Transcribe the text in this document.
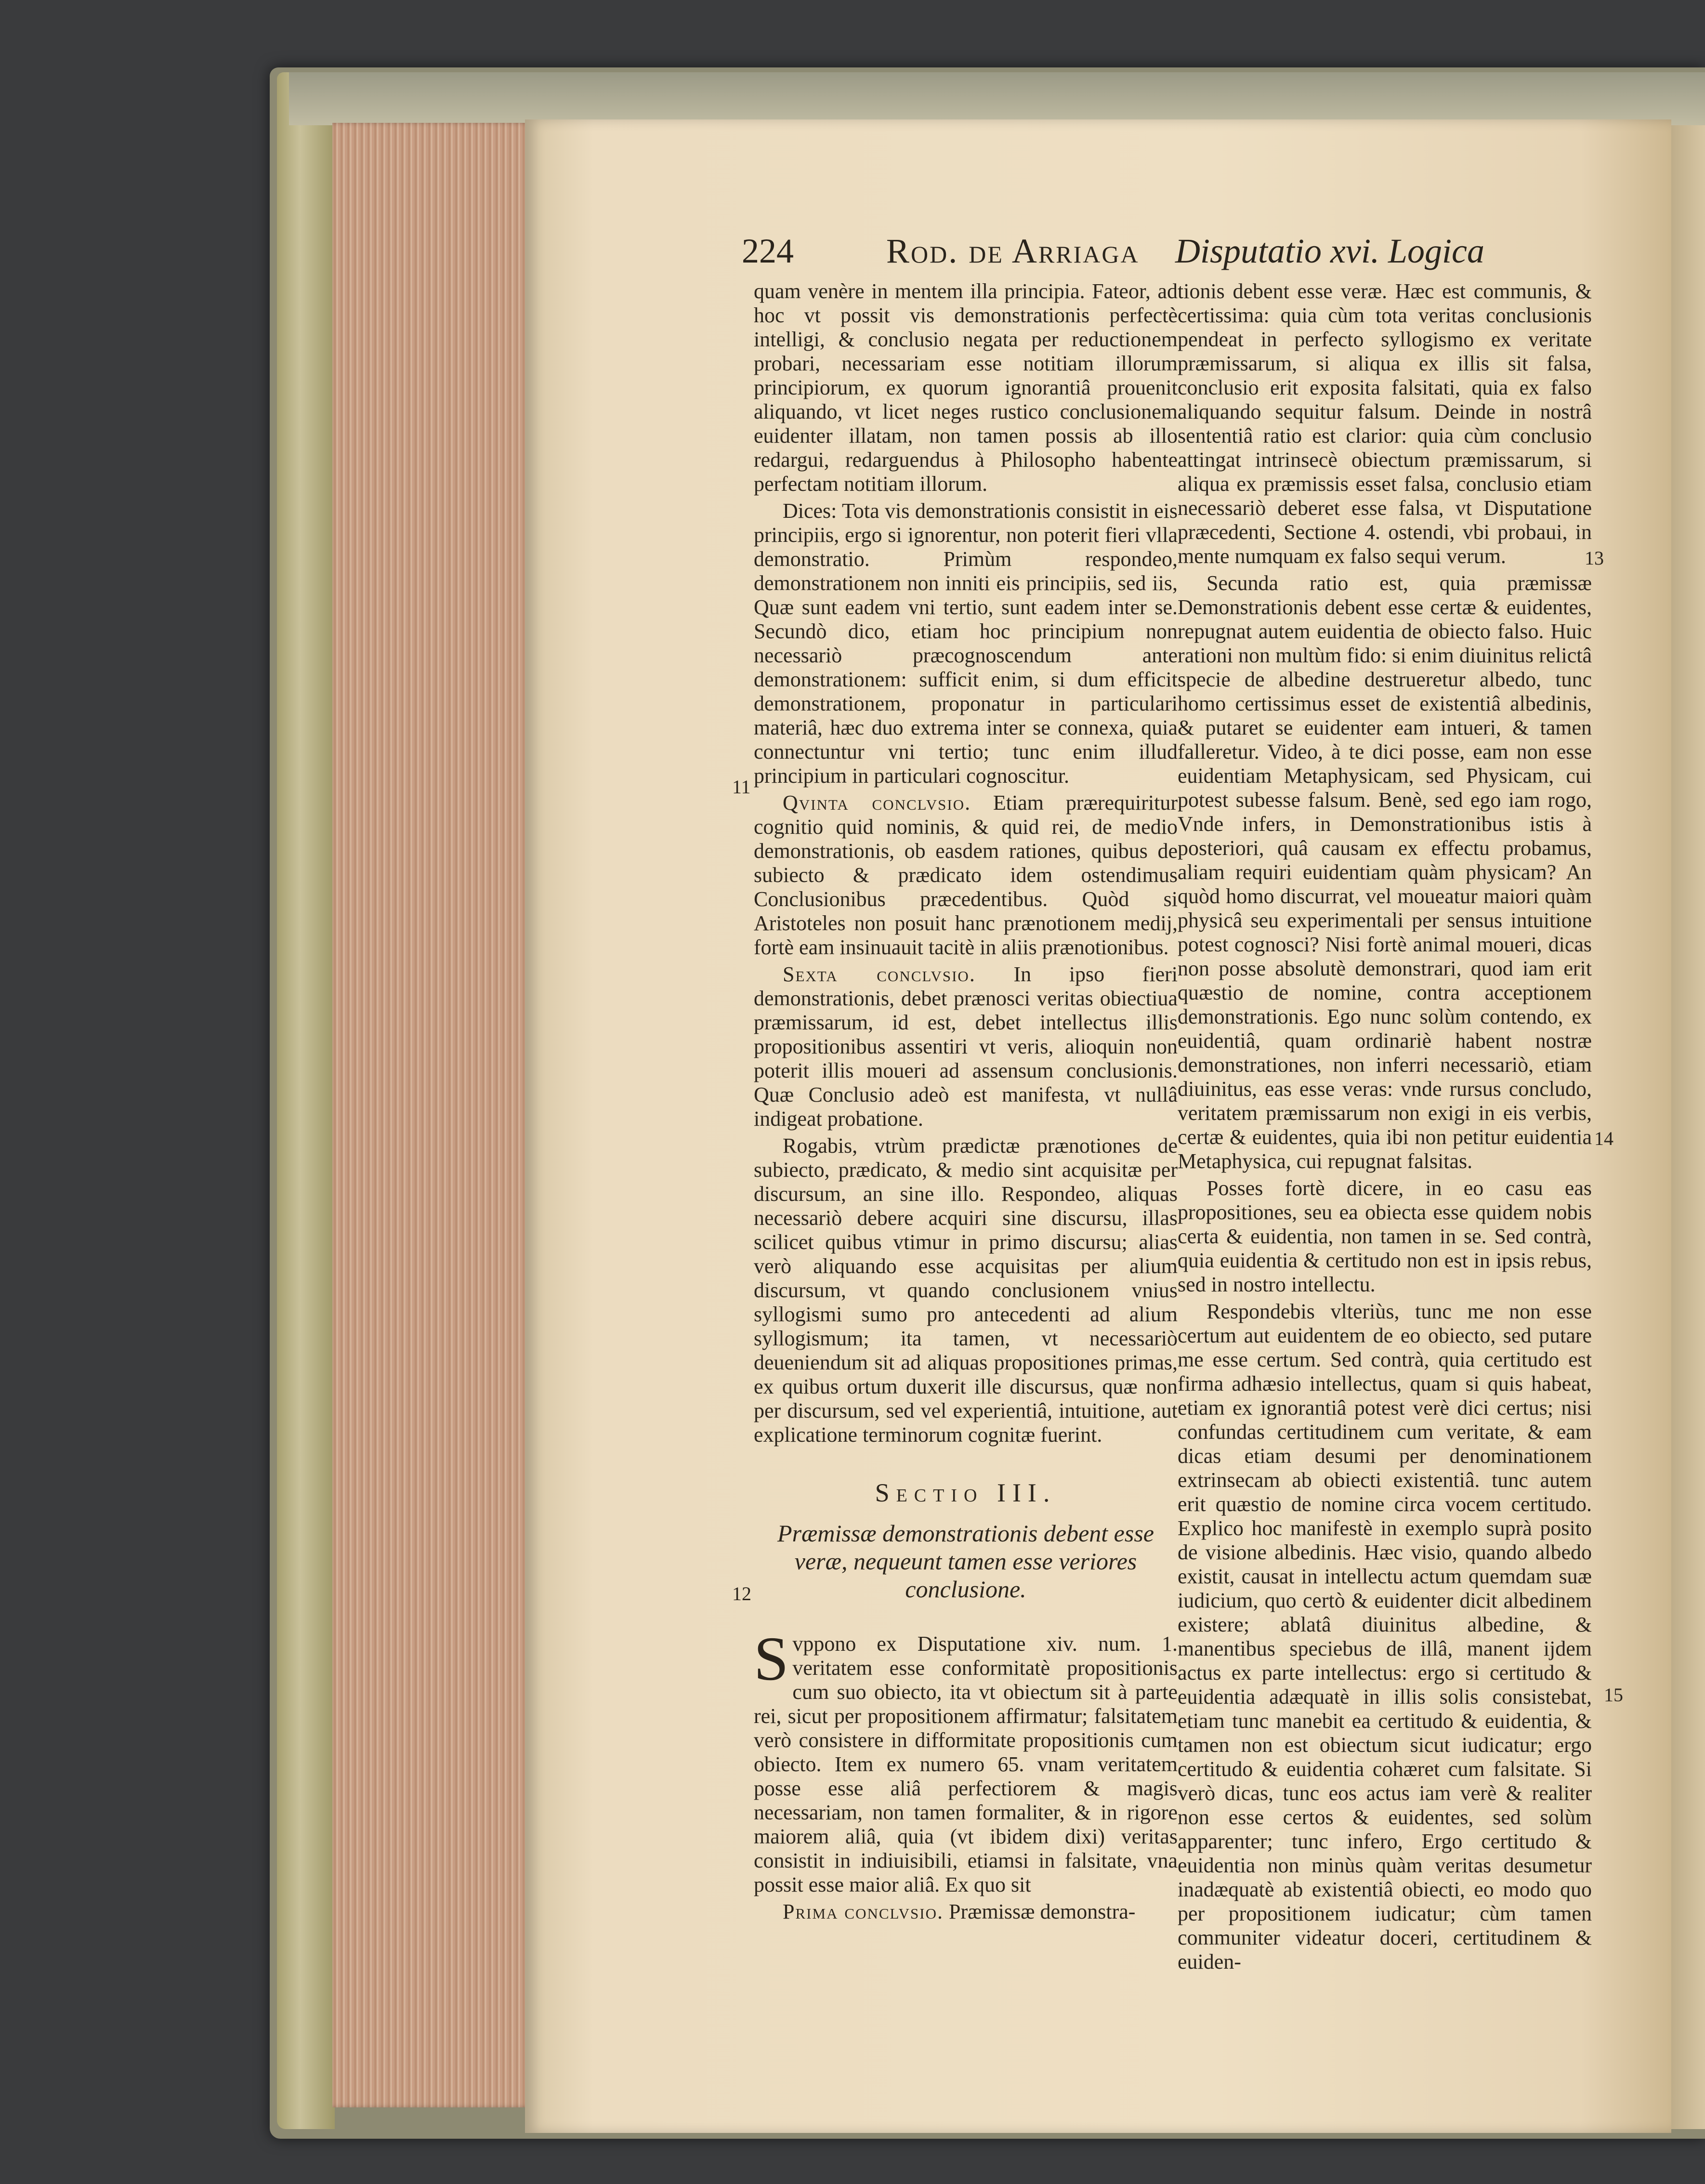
224	Rod. de Arriaga Disputatio xvi. Logica
11
12
13
14
15

quam venère in mentem illa principia. Fateor, ad hoc vt possit vis demonstrationis perfectè intelligi, & conclusio negata per reductionem probari, necessariam esse notitiam illorum principiorum, ex quorum ignorantiâ prouenit aliquando, vt licet neges rustico conclusionem euidenter illatam, non tamen possis ab illo redargui, redarguendus à Philosopho habente perfectam notitiam illorum.

Dices: Tota vis demonstrationis consistit in eis principiis, ergo si ignorentur, non poterit fieri vlla demonstratio. Primùm respondeo, demonstrationem non inniti eis principiis, sed iis, Quæ sunt eadem vni tertio, sunt eadem inter se. Secundò dico, etiam hoc principium non necessariò præcognoscendum ante demonstrationem: sufficit enim, si dum efficit demonstrationem, proponatur in particulari materiâ, hæc duo extrema inter se connexa, quia connectuntur vni tertio; tunc enim illud principium in particulari cognoscitur.

Qvinta conclvsio. Etiam prærequiritur cognitio quid nominis, & quid rei, de medio demonstrationis, ob easdem rationes, quibus de subiecto & prædicato idem ostendimus Conclusionibus præcedentibus. Quòd si Aristoteles non posuit hanc prænotionem medij, fortè eam insinuauit tacitè in aliis prænotionibus.

Sexta conclvsio. In ipso fieri demonstrationis, debet prænosci veritas obiectiua præmissarum, id est, debet intellectus illis propositionibus assentiri vt veris, alioquin non poterit illis moueri ad assensum conclusionis. Quæ Conclusio adeò est manifesta, vt nullâ indigeat probatione.

Rogabis, vtrùm prædictæ prænotiones de subiecto, prædicato, & medio sint acquisitæ per discursum, an sine illo. Respondeo, aliquas necessariò debere acquiri sine discursu, illas scilicet quibus vtimur in primo discursu; alias verò aliquando esse acquisitas per alium discursum, vt quando conclusionem vnius syllogismi sumo pro antecedenti ad alium syllogismum; ita tamen, vt necessariò deueniendum sit ad aliquas propositiones primas, ex quibus ortum duxerit ille discursus, quæ non per discursum, sed vel experientiâ, intuitione, aut explicatione terminorum cognitæ fuerint.

Sectio III.
Præmissæ demonstrationis debent esse veræ, nequeunt tamen esse veriores conclusione.

Svppono ex Disputatione xiv. num. 1. veritatem esse conformitatè propositionis cum suo obiecto, ita vt obiectum sit à parte rei, sicut per propositionem affirmatur; falsitatem verò consistere in difformitate propositionis cum obiecto. Item ex numero 65. vnam veritatem posse esse aliâ perfectiorem & magis necessariam, non tamen formaliter, & in rigore maiorem aliâ, quia (vt ibidem dixi) veritas consistit in indiuisibili, etiamsi in falsitate, vna possit esse maior aliâ. Ex quo sit

Prima conclvsio. Præmissæ demonstra-

tionis debent esse veræ. Hæc est communis, & certissima: quia cùm tota veritas conclusionis pendeat in perfecto syllogismo ex veritate præmissarum, si aliqua ex illis sit falsa, conclusio erit exposita falsitati, quia ex falso aliquando sequitur falsum. Deinde in nostrâ sententiâ ratio est clarior: quia cùm conclusio attingat intrinsecè obiectum præmissarum, si aliqua ex præmissis esset falsa, conclusio etiam necessariò deberet esse falsa, vt Disputatione præcedenti, Sectione 4. ostendi, vbi probaui, in mente numquam ex falso sequi verum.

Secunda ratio est, quia præmissæ Demonstrationis debent esse certæ & euidentes, repugnat autem euidentia de obiecto falso. Huic rationi non multùm fido: si enim diuinitus relictâ specie de albedine destrueretur albedo, tunc homo certissimus esset de existentiâ albedinis, & putaret se euidenter eam intueri, & tamen falleretur. Video, à te dici posse, eam non esse euidentiam Metaphysicam, sed Physicam, cui potest subesse falsum. Benè, sed ego iam rogo, Vnde infers, in Demonstrationibus istis à posteriori, quâ causam ex effectu probamus, aliam requiri euidentiam quàm physicam? An quòd homo discurrat, vel moueatur maiori quàm physicâ seu experimentali per sensus intuitione potest cognosci? Nisi fortè animal moueri, dicas non posse absolutè demonstrari, quod iam erit quæstio de nomine, contra acceptionem demonstrationis. Ego nunc solùm contendo, ex euidentiâ, quam ordinariè habent nostræ demonstrationes, non inferri necessariò, etiam diuinitus, eas esse veras: vnde rursus concludo, veritatem præmissarum non exigi in eis verbis, certæ & euidentes, quia ibi non petitur euidentia Metaphysica, cui repugnat falsitas.

Posses fortè dicere, in eo casu eas propositiones, seu ea obiecta esse quidem nobis certa & euidentia, non tamen in se. Sed contrà, quia euidentia & certitudo non est in ipsis rebus, sed in nostro intellectu.

Respondebis vlteriùs, tunc me non esse certum aut euidentem de eo obiecto, sed putare me esse certum. Sed contrà, quia certitudo est firma adhæsio intellectus, quam si quis habeat, etiam ex ignorantiâ potest verè dici certus; nisi confundas certitudinem cum veritate, & eam dicas etiam desumi per denominationem extrinsecam ab obiecti existentiâ. tunc autem erit quæstio de nomine circa vocem certitudo. Explico hoc manifestè in exemplo suprà posito de visione albedinis. Hæc visio, quando albedo existit, causat in intellectu actum quemdam suæ iudicium, quo certò & euidenter dicit albedinem existere; ablatâ diuinitus albedine, & manentibus speciebus de illâ, manent ijdem actus ex parte intellectus: ergo si certitudo & euidentia adæquatè in illis solis consistebat, etiam tunc manebit ea certitudo & euidentia, & tamen non est obiectum sicut iudicatur; ergo certitudo & euidentia cohæret cum falsitate. Si verò dicas, tunc eos actus iam verè & realiter non esse certos & euidentes, sed solùm apparenter; tunc infero, Ergo certitudo & euidentia non minùs quàm veritas desumetur inadæquatè ab existentiâ obiecti, eo modo quo per propositionem iudicatur; cùm tamen communiter videatur doceri, certitudinem & euiden-
